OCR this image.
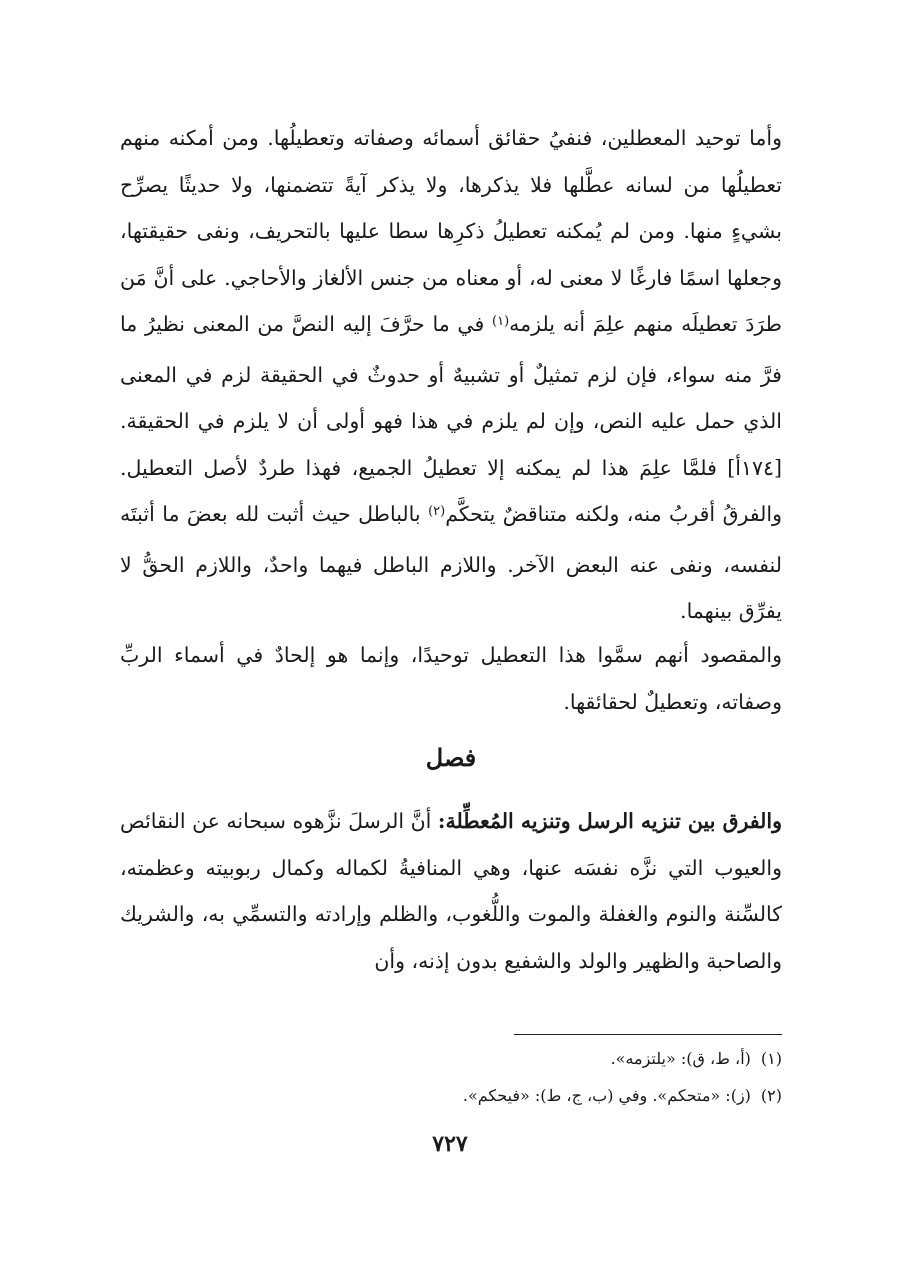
وأما توحيد المعطلين، فنفيُ حقائق أسمائه وصفاته وتعطيلُها. ومن أمكنه منهم تعطيلُها من لسانه عطَّلها فلا يذكرها، ولا يذكر آيةً تتضمنها، ولا حديثًا يصرِّح بشيءٍ منها. ومن لم يُمكنه تعطيلُ ذكرِها سطا عليها بالتحريف، ونفى حقيقتها، وجعلها اسمًا فارغًا لا معنى له، أو معناه من جنس الألغاز والأحاجي. على أنَّ مَن طرَدَ تعطيلَه منهم علِمَ أنه يلزمه$^{(١)}$ في ما حرَّفَ إليه النصَّ من المعنى نظيرُ ما فرَّ منه سواء، فإن لزم تمثيلٌ أو تشبيهٌ أو حدوثٌ في الحقيقة لزم في المعنى الذي حمل عليه النص، وإن لم يلزم في هذا فهو أولى أن لا يلزم في الحقيقة. [١٧٤أ] فلمَّا علِمَ هذا لم يمكنه إلا تعطيلُ الجميع، فهذا طردٌ لأصل التعطيل. والفرقُ أقربُ منه، ولكنه متناقضٌ يتحكَّم$^{(٢)}$ بالباطل حيث أثبت لله بعضَ ما أثبتَه لنفسه، ونفى عنه البعض الآخر. واللازم الباطل فيهما واحدٌ، واللازم الحقُّ لا يفرِّق بينهما.

والمقصود أنهم سمَّوا هذا التعطيل توحيدًا، وإنما هو إلحادٌ في أسماء الربِّ وصفاته، وتعطيلٌ لحقائقها.

فصل

والفرق بين تنزيه الرسل وتنزيه المُعطِّلة: أنَّ الرسلَ نزَّهوه سبحانه عن النقائص والعيوب التي نزَّه نفسَه عنها، وهي المنافيةُ لكماله وكمال ربوبيته وعظمته، كالسِّنة والنوم والغفلة والموت واللُّغوب، والظلم وإرادته والتسمِّي به، والشريك والصاحبة والظهير والولد والشفيع بدون إذنه، وأن

(١)(أ، ط، ق): «يلتزمه».

(٢)(ز): «متحكم». وفي (ب، ج، ط): «فيحكم».

٧٢٧
